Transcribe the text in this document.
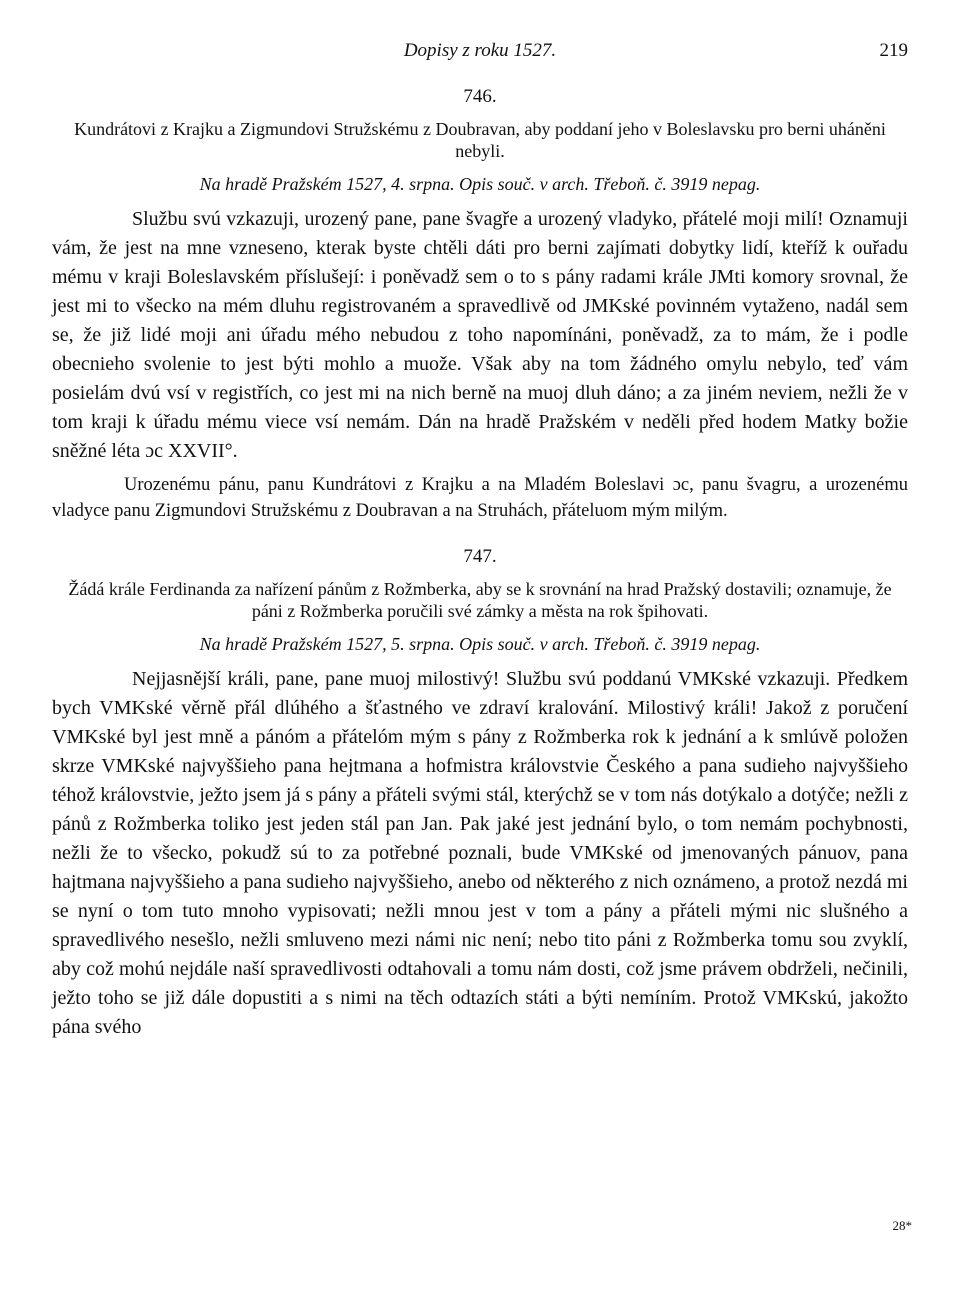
Dopisy z roku 1527.	219
746.

Kundrátovi z Krajku a Zigmundovi Stružskému z Doubravan, aby poddaní jeho v Boleslavsku pro berni uháněni nebyli.

Na hradě Pražském 1527, 4. srpna. Opis souč. v arch. Třeboň. č. 3919 nepag.

Službu svú vzkazuji, urozený pane, pane švagře a urozený vladyko, přátelé moji milí! Oznamuji vám, že jest na mne vzneseno, kterak byste chtěli dáti pro berni zajímati dobytky lidí, kteříž k ouřadu mému v kraji Boleslavském příslušejí: i poněvadž sem o to s pány radami krále JMti komory srovnal, že jest mi to všecko na mém dluhu registrovaném a spravedlivě od JMKské povinném vytaženo, nadál sem se, že již lidé moji ani úřadu mého nebudou z toho napomínáni, poněvadž, za to mám, že i podle obecnieho svolenie to jest býti mohlo a muože. Však aby na tom žádného omylu nebylo, teď vám posielám dvú vsí v registřích, co jest mi na nich berně na muoj dluh dáno; a za jiném neviem, nežli že v tom kraji k úřadu mému viece vsí nemám. Dán na hradě Pražském v neděli před hodem Matky božie sněžné léta ɔc XXVII°.

Urozenému pánu, panu Kundrátovi z Krajku a na Mladém Boleslavi ɔc, panu švagru, a urozenému vladyce panu Zigmundovi Stružskému z Doubravan a na Struhách, přáteluom mým milým.

747.

Žádá krále Ferdinanda za nařízení pánům z Rožmberka, aby se k srovnání na hrad Pražský dostavili; oznamuje, že páni z Rožmberka poručili své zámky a města na rok špihovati.

Na hradě Pražském 1527, 5. srpna. Opis souč. v arch. Třeboň. č. 3919 nepag.

Nejjasnější králi, pane, pane muoj milostivý! Službu svú poddanú VMKské vzkazuji. Předkem bych VMKské věrně přál dlúhého a šťastného ve zdraví kralování. Milostivý králi! Jakož z poručení VMKské byl jest mně a pánóm a přátelóm mým s pány z Rožmberka rok k jednání a k smlúvě položen skrze VMKské najvyššieho pana hejtmana a hofmistra královstvie Českého a pana sudieho najvyššieho téhož královstvie, ježto jsem já s pány a přáteli svými stál, kterýchž se v tom nás dotýkalo a dotýče; nežli z pánů z Rožmberka toliko jest jeden stál pan Jan. Pak jaké jest jednání bylo, o tom nemám pochybnosti, nežli že to všecko, pokudž sú to za potřebné poznali, bude VMKské od jmenovaných pánuov, pana hajtmana najvyššieho a pana sudieho najvyššieho, anebo od některého z nich oznámeno, a protož nezdá mi se nyní o tom tuto mnoho vypisovati; nežli mnou jest v tom a pány a přáteli mými nic slušného a spravedlivého nesešlo, nežli smluveno mezi námi nic není; nebo tito páni z Rožmberka tomu sou zvyklí, aby což mohú nejdále naší spravedlivosti odtahovali a tomu nám dosti, což jsme právem obdrželi, nečinili, ježto toho se již dále dopustiti a s nimi na těch odtazích státi a býti nemíním. Protož VMKskú, jakožto pána svého

28*
